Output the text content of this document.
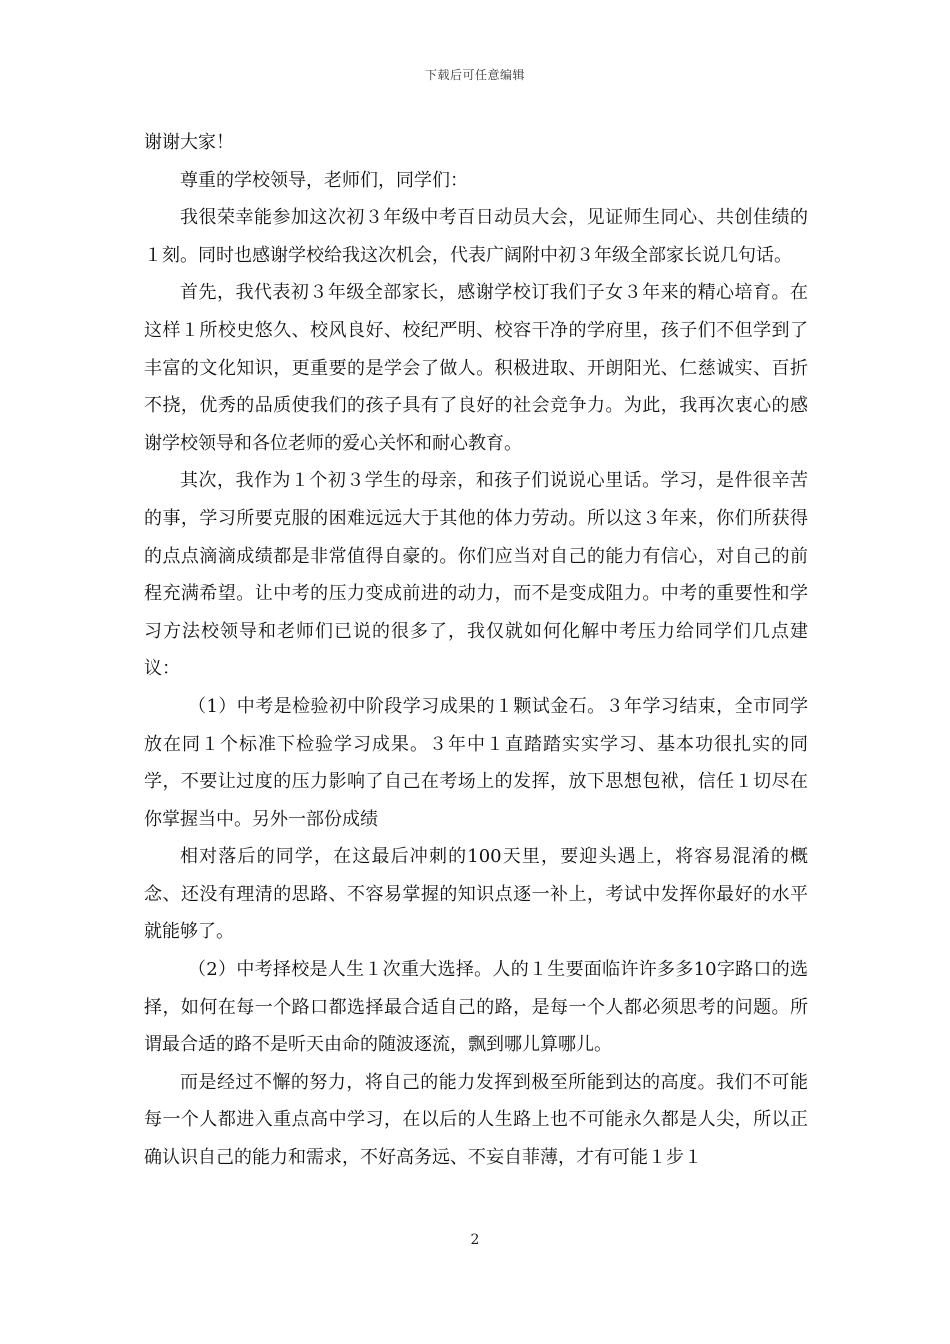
下载后可任意编辑

谢谢大家！

尊重的学校领导，老师们，同学们：

我很荣幸能参加这次初３年级中考百日动员大会，见证师生同心、共创佳绩的１刻。同时也感谢学校给我这次机会，代表广阔附中初３年级全部家长说几句话。

首先，我代表初３年级全部家长，感谢学校订我们子女３年来的精心培育。在这样１所校史悠久、校风良好、校纪严明、校容干净的学府里，孩子们不但学到了丰富的文化知识，更重要的是学会了做人。积极进取、开朗阳光、仁慈诚实、百折不挠，优秀的品质使我们的孩子具有了良好的社会竞争力。为此，我再次衷心的感谢学校领导和各位老师的爱心关怀和耐心教育。

其次，我作为１个初３学生的母亲，和孩子们说说心里话。学习，是件很辛苦的事，学习所要克服的困难远远大于其他的体力劳动。所以这３年来，你们所获得的点点滴滴成绩都是非常值得自豪的。你们应当对自己的能力有信心，对自己的前程充满希望。让中考的压力变成前进的动力，而不是变成阻力。中考的重要性和学习方法校领导和老师们已说的很多了，我仅就如何化解中考压力给同学们几点建议：

（1）中考是检验初中阶段学习成果的１颗试金石。３年学习结束，全市同学放在同１个标准下检验学习成果。３年中１直踏踏实实学习、基本功很扎实的同学，不要让过度的压力影响了自己在考场上的发挥，放下思想包袱，信任１切尽在你掌握当中。另外一部份成绩

相对落后的同学，在这最后冲刺的100天里，要迎头遇上，将容易混淆的概念、还没有理清的思路、不容易掌握的知识点逐一补上，考试中发挥你最好的水平就能够了。

（2）中考择校是人生１次重大选择。人的１生要面临许许多多10字路口的选择，如何在每一个路口都选择最合适自己的路，是每一个人都必须思考的问题。所谓最合适的路不是听天由命的随波逐流，飘到哪儿算哪儿。

而是经过不懈的努力，将自己的能力发挥到极至所能到达的高度。我们不可能每一个人都进入重点高中学习，在以后的人生路上也不可能永久都是人尖，所以正确认识自己的能力和需求，不好高务远、不妄自菲薄，才有可能１步１

2
